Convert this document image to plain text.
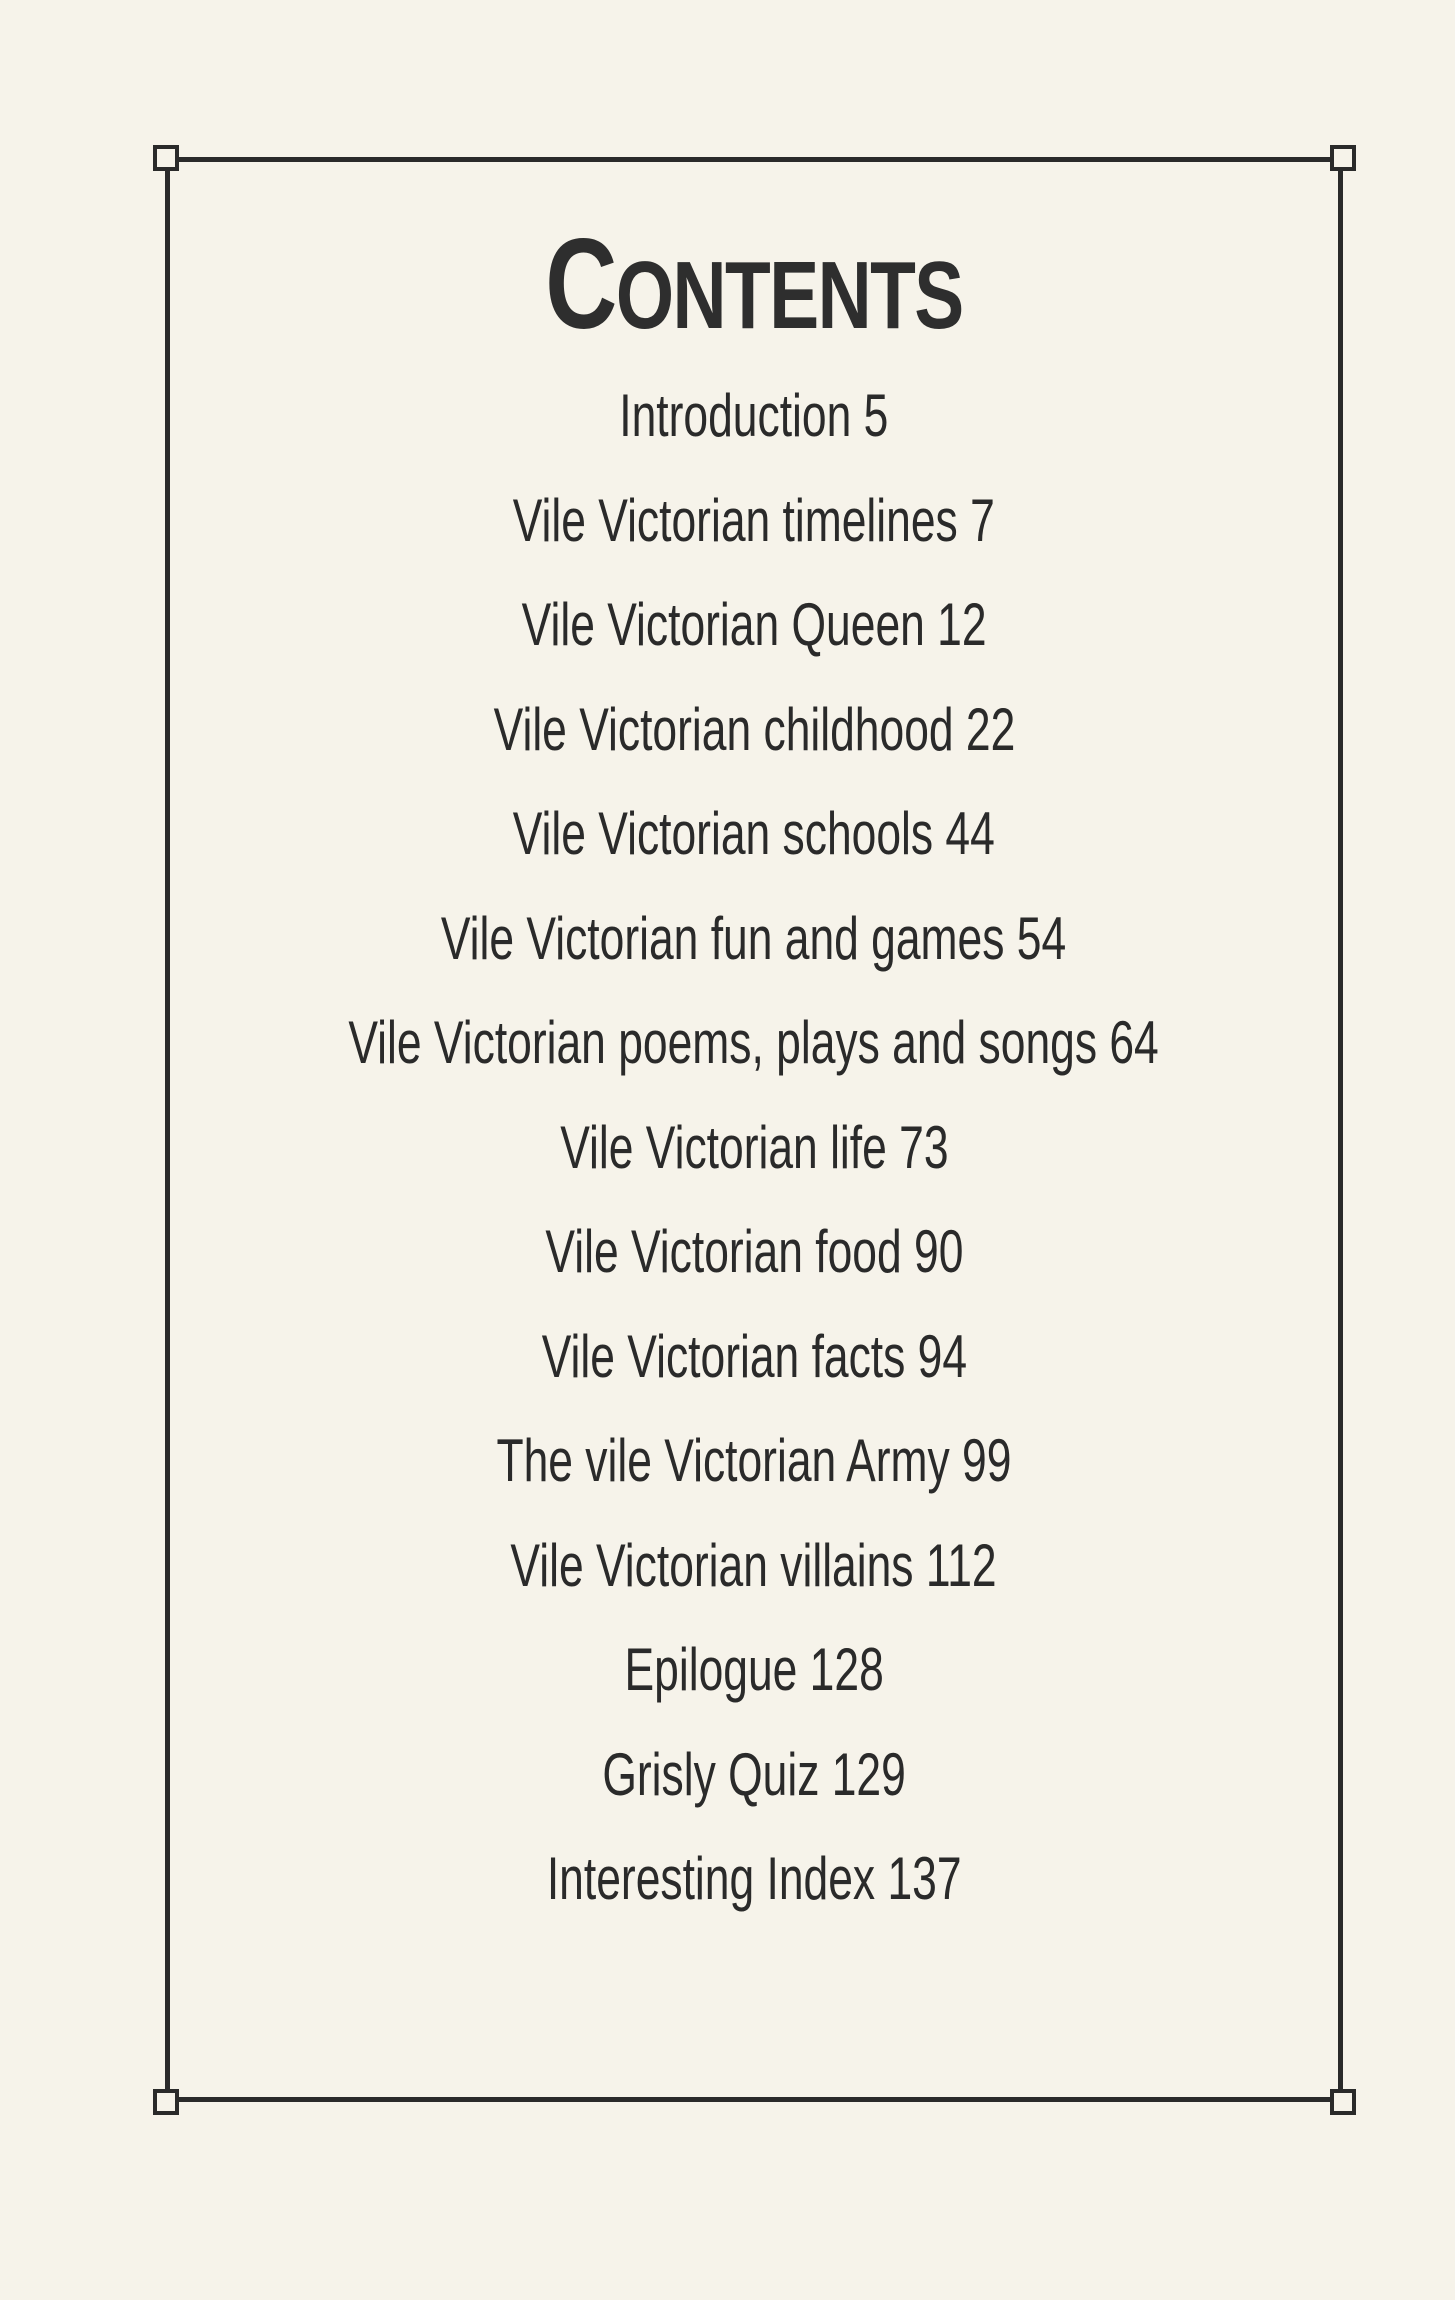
CONTENTS
Introduction 5
Vile Victorian timelines 7
Vile Victorian Queen 12
Vile Victorian childhood 22
Vile Victorian schools 44
Vile Victorian fun and games 54
Vile Victorian poems, plays and songs 64
Vile Victorian life 73
Vile Victorian food 90
Vile Victorian facts 94
The vile Victorian Army 99
Vile Victorian villains 112
Epilogue 128
Grisly Quiz 129
Interesting Index 137
